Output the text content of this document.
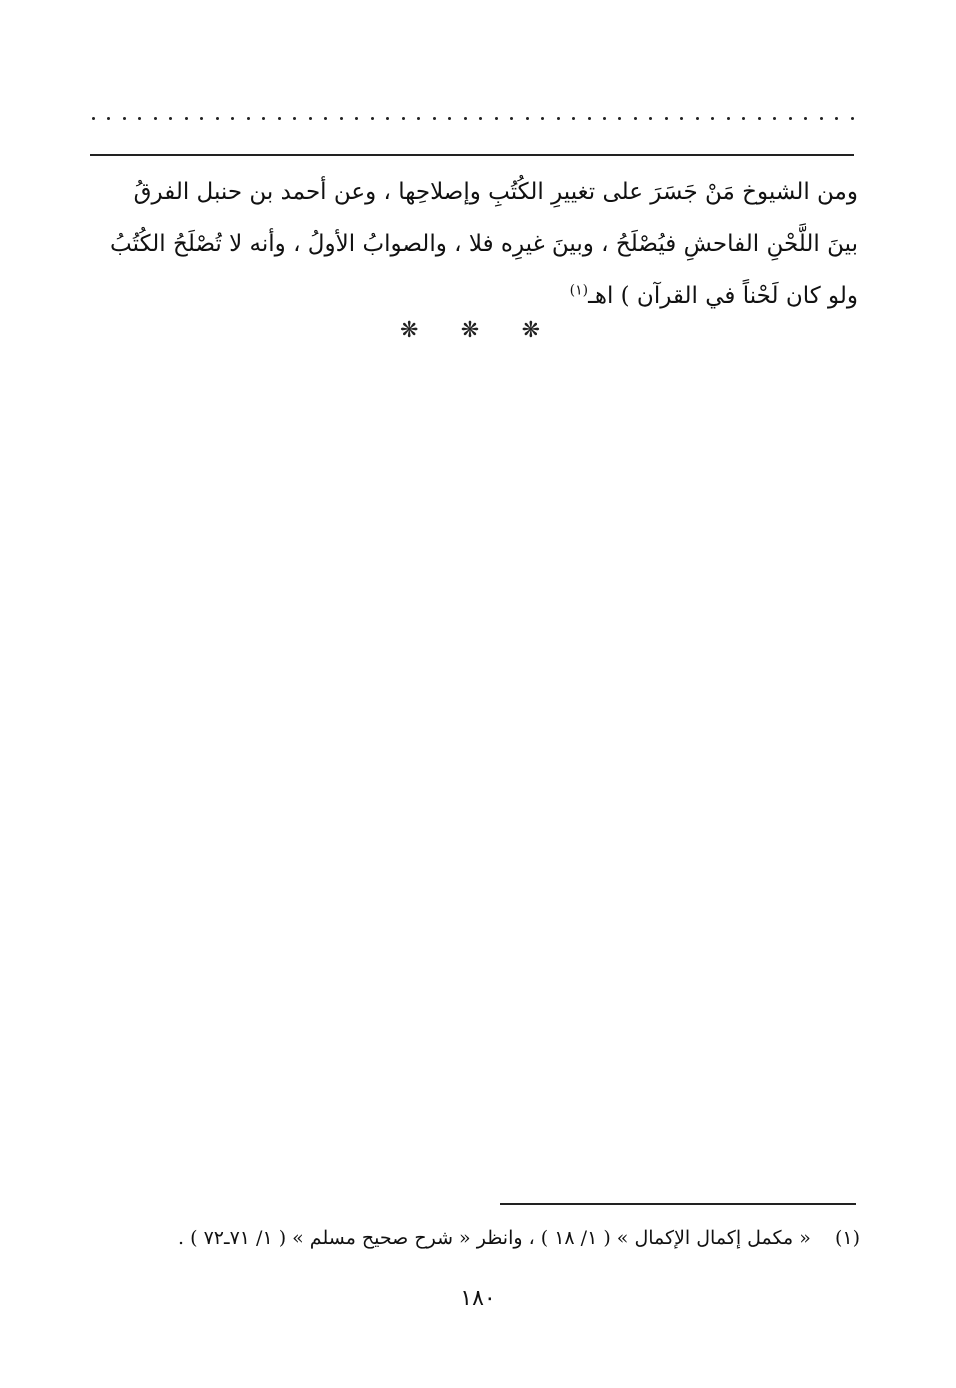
ومن الشيوخ مَنْ جَسَرَ على تغييرِ الكُتُبِ وإصلاحِها ، وعن أحمد بن حنبل الفرقُ
بينَ اللَّحْنِ الفاحشِ فيُصْلَحُ ، وبينَ غيرِه فلا ، والصوابُ الأولُ ، وأنه لا تُصْلَحُ الكُتُبُ
ولو كان لَحْناً في القرآن ) اهـ$^{(١)}$
❋ ❋ ❋
(١) « مكمل إكمال الإكمال » ( ١/ ١٨ ) ، وانظر « شرح صحيح مسلم » ( ١/ ٧١ـ٧٢ ) .
١٨٠
